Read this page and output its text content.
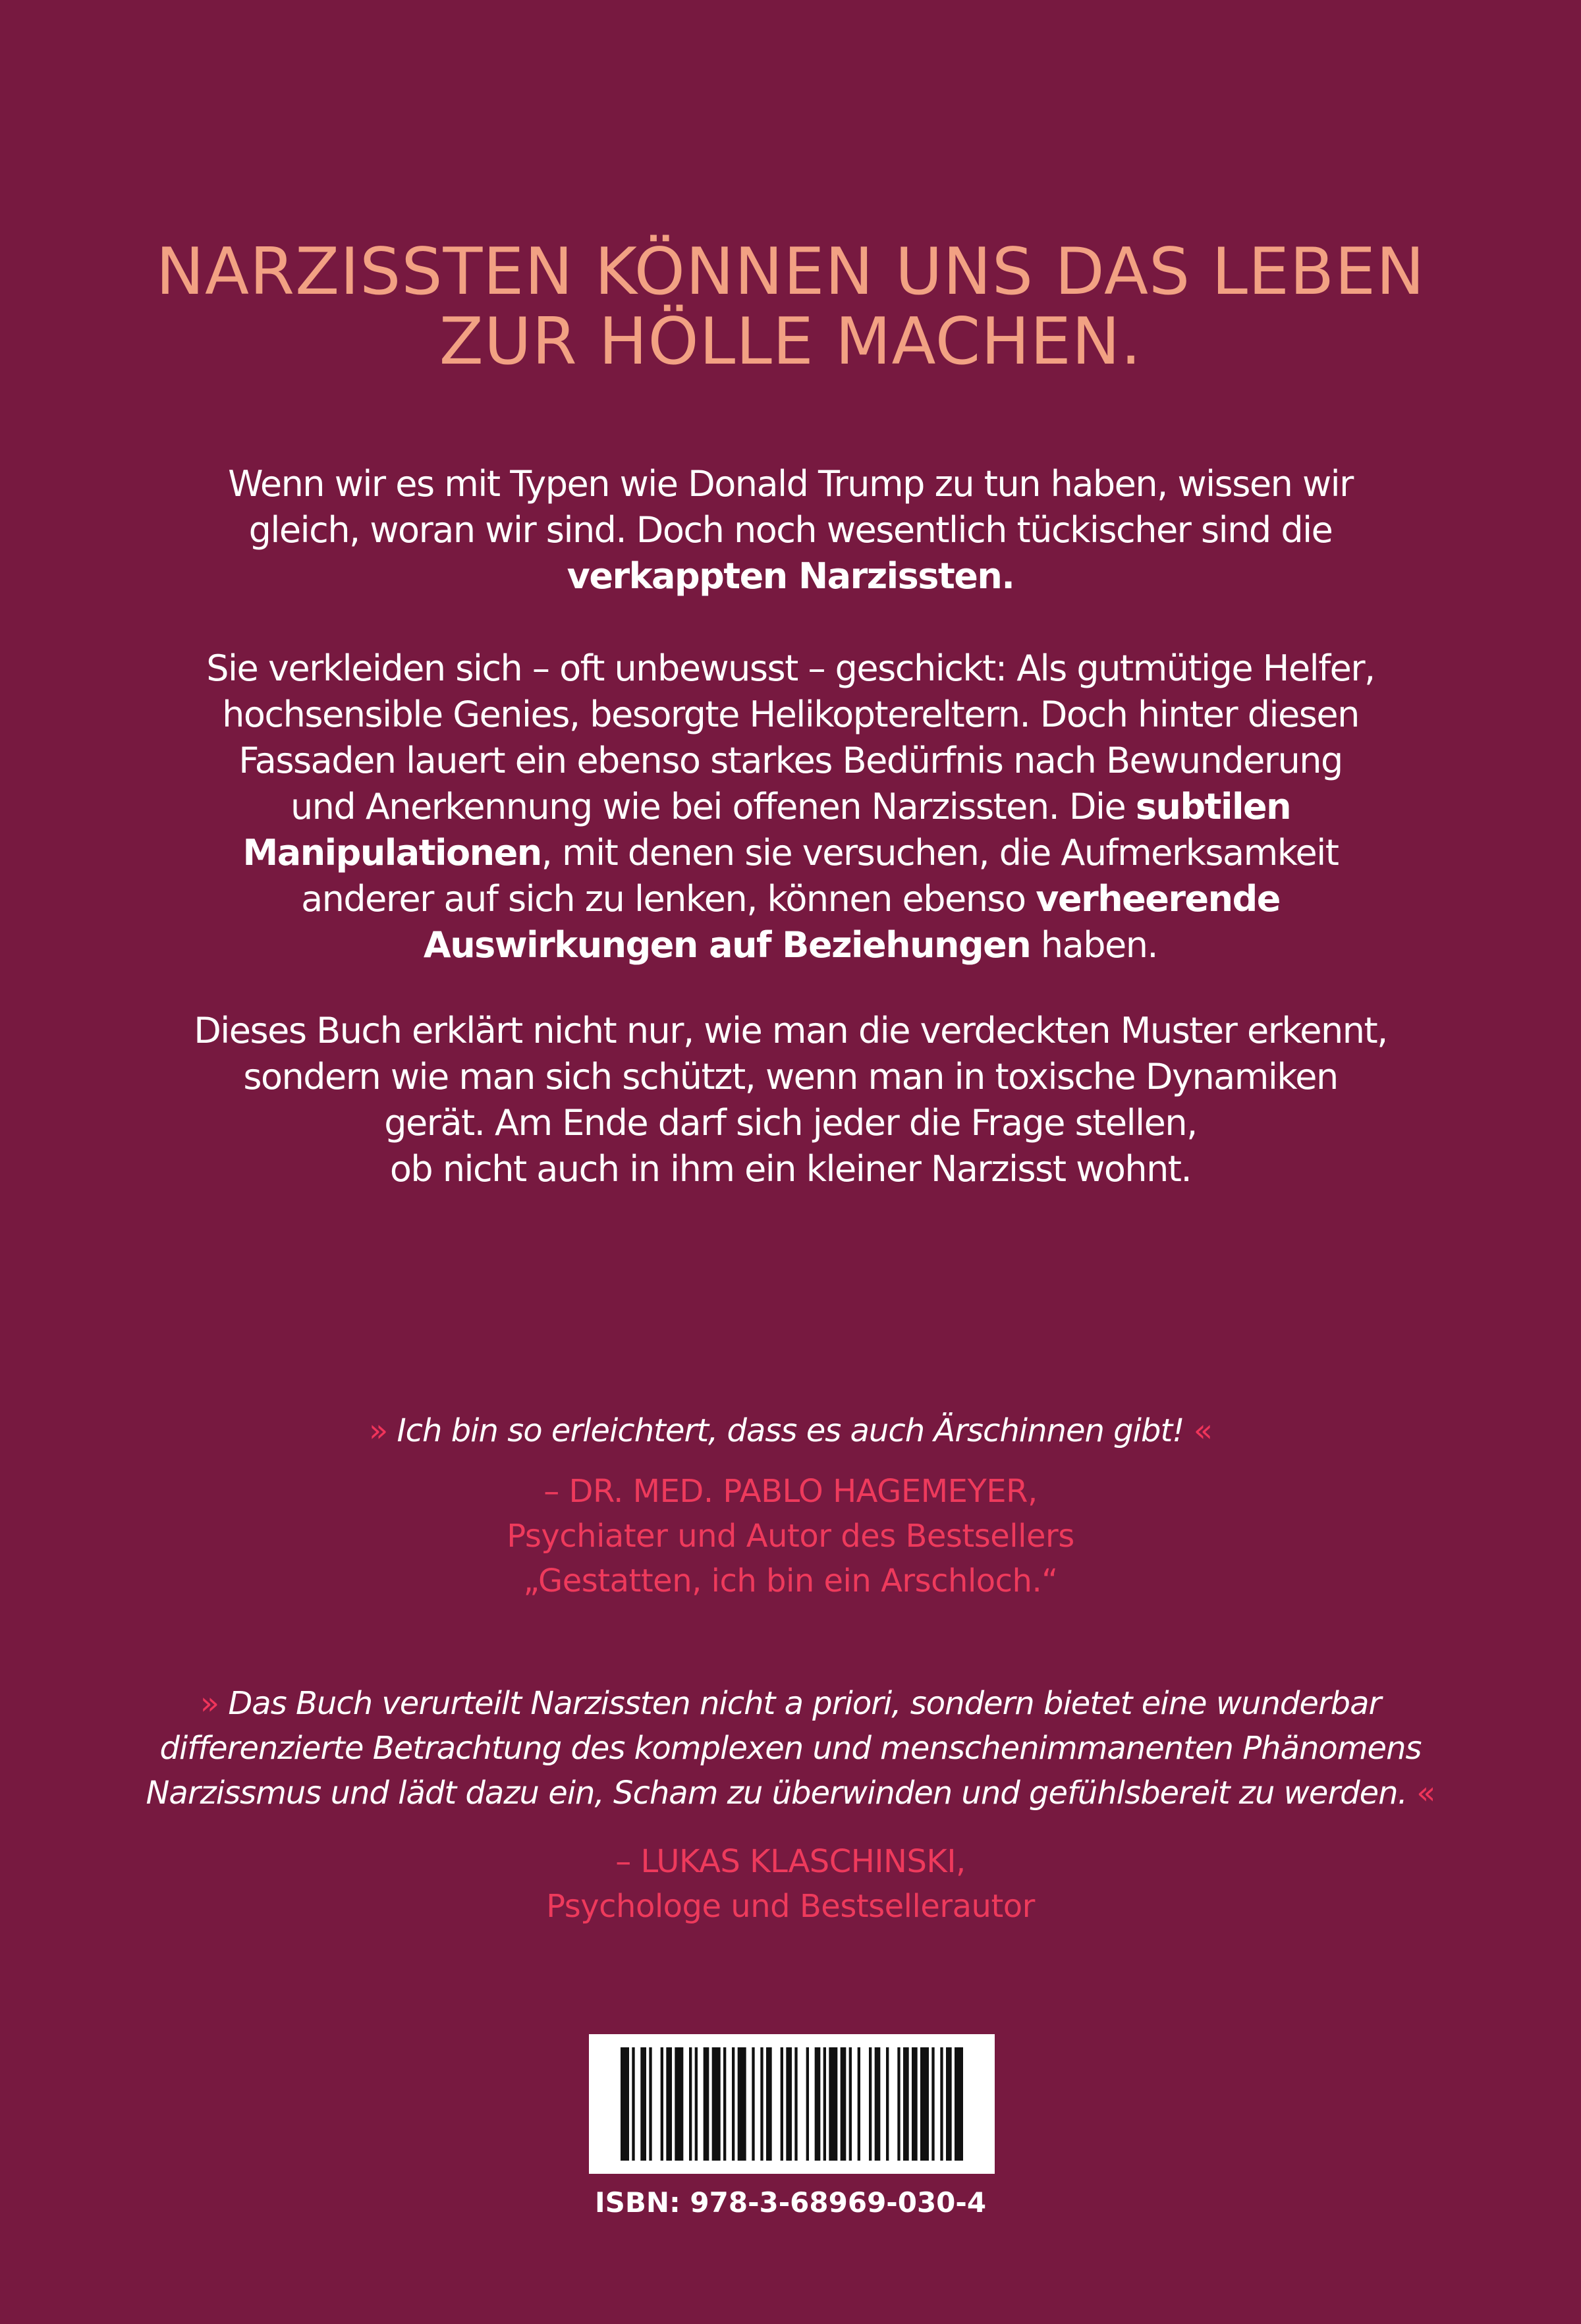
NARZISSTEN KÖNNEN UNS DAS LEBEN
ZUR HÖLLE MACHEN.
Wenn wir es mit Typen wie Donald Trump zu tun haben, wissen wir
gleich, woran wir sind. Doch noch wesentlich tückischer sind die
verkappten Narzissten.
Sie verkleiden sich – oft unbewusst – geschickt: Als gutmütige Helfer,
hochsensible Genies, besorgte Helikoptereltern. Doch hinter diesen
Fassaden lauert ein ebenso starkes Bedürfnis nach Bewunderung
und Anerkennung wie bei offenen Narzissten. Die subtilen
Manipulationen, mit denen sie versuchen, die Aufmerksamkeit
anderer auf sich zu lenken, können ebenso verheerende
Auswirkungen auf Beziehungen haben.
Dieses Buch erklärt nicht nur, wie man die verdeckten Muster erkennt,
sondern wie man sich schützt, wenn man in toxische Dynamiken
gerät. Am Ende darf sich jeder die Frage stellen,
ob nicht auch in ihm ein kleiner Narzisst wohnt.
» Ich bin so erleichtert, dass es auch Ärschinnen gibt! «
– DR. MED. PABLO HAGEMEYER,
Psychiater und Autor des Bestsellers
„Gestatten, ich bin ein Arschloch.“
» Das Buch verurteilt Narzissten nicht a priori, sondern bietet eine wunderbar
differenzierte Betrachtung des komplexen und menschenimmanenten Phänomens
Narzissmus und lädt dazu ein, Scham zu überwinden und gefühlsbereit zu werden. «
– LUKAS KLASCHINSKI,
Psychologe und Bestsellerautor
ISBN: 978-3-68969-030-4
